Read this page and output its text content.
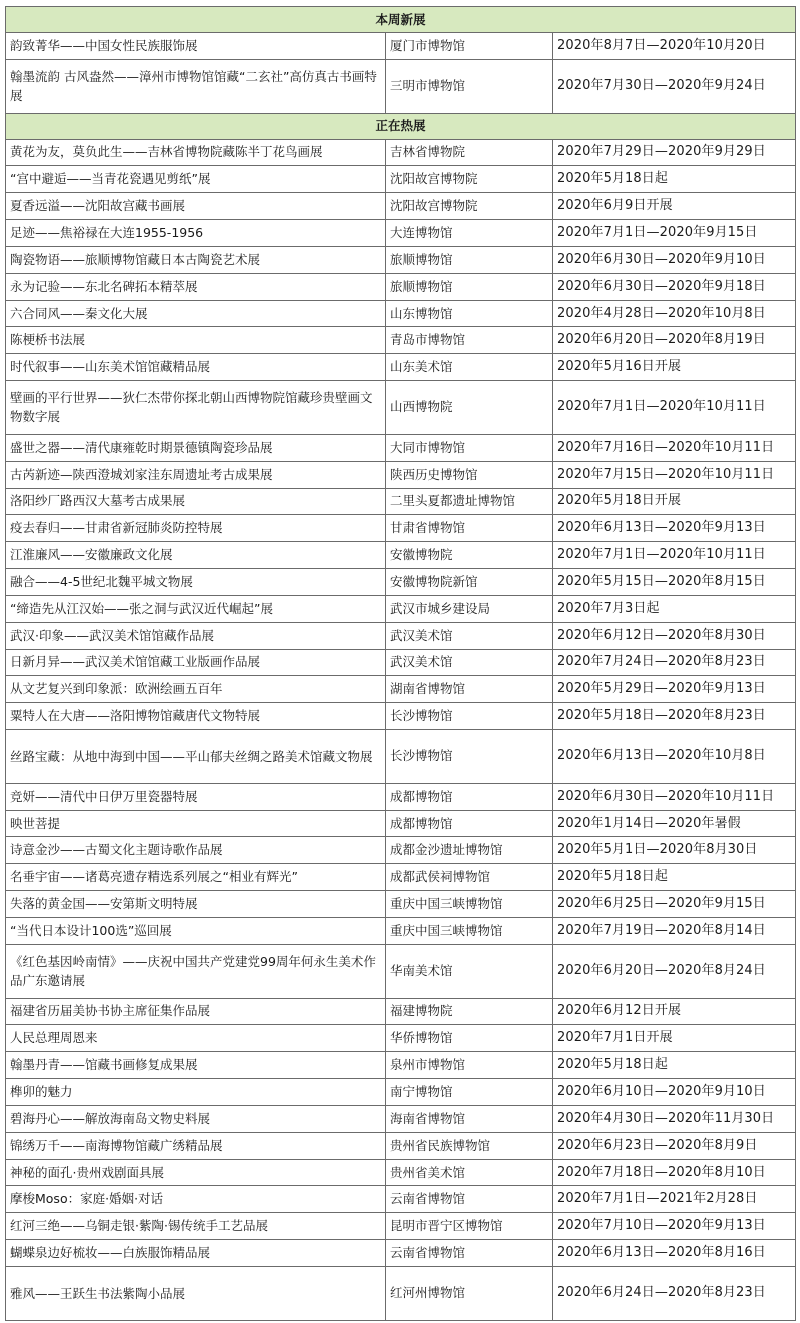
本周新展		
韵致菁华——中国女性民族服饰展	厦门市博物馆	2020年8月7日—2020年10月20日
翰墨流韵 古风盎然——漳州市博物馆馆藏“二玄社”高仿真古书画特展	三明市博物馆	2020年7月30日—2020年9月24日
正在热展		
黄花为友，莫负此生——吉林省博物院藏陈半丁花鸟画展	吉林省博物院	2020年7月29日—2020年9月29日
“宫中避逅——当青花瓷遇见剪纸”展	沈阳故宫博物院	2020年5月18日起
夏香远溢——沈阳故宫藏书画展	沈阳故宫博物院	2020年6月9日开展
足迹——焦裕禄在大连1955-1956	大连博物馆	2020年7月1日—2020年9月15日
陶瓷物语——旅顺博物馆藏日本古陶瓷艺术展	旅顺博物馆	2020年6月30日—2020年9月10日
永为记验——东北名碑拓本精萃展	旅顺博物馆	2020年6月30日—2020年9月18日
六合同风——秦文化大展	山东博物馆	2020年4月28日—2020年10月8日
陈梗桥书法展	青岛市博物馆	2020年6月20日—2020年8月19日
时代叙事——山东美术馆馆藏精品展	山东美术馆	2020年5月16日开展
壁画的平行世界——狄仁杰带你探北朝山西博物院馆藏珍贵壁画文物数字展	山西博物院	2020年7月1日—2020年10月11日
盛世之器——清代康雍乾时期景德镇陶瓷珍品展	大同市博物馆	2020年7月16日—2020年10月11日
古芮新迹—陕西澄城刘家洼东周遗址考古成果展	陕西历史博物馆	2020年7月15日—2020年10月11日
洛阳纱厂路西汉大墓考古成果展	二里头夏都遗址博物馆	2020年5月18日开展
疫去春归——甘肃省新冠肺炎防控特展	甘肃省博物馆	2020年6月13日—2020年9月13日
江淮廉风——安徽廉政文化展	安徽博物院	2020年7月1日—2020年10月11日
融合——4-5世纪北魏平城文物展	安徽博物院新馆	2020年5月15日—2020年8月15日
“缔造先从江汉始——张之洞与武汉近代崛起”展	武汉市城乡建设局	2020年7月3日起
武汉·印象——武汉美术馆馆藏作品展	武汉美术馆	2020年6月12日—2020年8月30日
日新月异——武汉美术馆馆藏工业版画作品展	武汉美术馆	2020年7月24日—2020年8月23日
从文艺复兴到印象派：欧洲绘画五百年	湖南省博物馆	2020年5月29日—2020年9月13日
粟特人在大唐——洛阳博物馆藏唐代文物特展	长沙博物馆	2020年5月18日—2020年8月23日
丝路宝藏：从地中海到中国——平山郁夫丝绸之路美术馆藏文物展	长沙博物馆	2020年6月13日—2020年10月8日
竞妍——清代中日伊万里瓷器特展	成都博物馆	2020年6月30日—2020年10月11日
映世菩提	成都博物馆	2020年1月14日—2020年暑假
诗意金沙——古蜀文化主题诗歌作品展	成都金沙遗址博物馆	2020年5月1日—2020年8月30日
名垂宇宙——诸葛亮遗存精选系列展之“相业有辉光”	成都武侯祠博物馆	2020年5月18日起
失落的黄金国——安第斯文明特展	重庆中国三峡博物馆	2020年6月25日—2020年9月15日
“当代日本设计100选”巡回展	重庆中国三峡博物馆	2020年7月19日—2020年8月14日
《红色基因岭南情》——庆祝中国共产党建党99周年何永生美术作品广东邀请展	华南美术馆	2020年6月20日—2020年8月24日
福建省历届美协书协主席征集作品展	福建博物院	2020年6月12日开展
人民总理周恩来	华侨博物馆	2020年7月1日开展
翰墨丹青——馆藏书画修复成果展	泉州市博物馆	2020年5月18日起
榫卯的魅力	南宁博物馆	2020年6月10日—2020年9月10日
碧海丹心——解放海南岛文物史料展	海南省博物馆	2020年4月30日—2020年11月30日
锦绣万千——南海博物馆藏广绣精品展	贵州省民族博物馆	2020年6月23日—2020年8月9日
神秘的面孔·贵州戏剧面具展	贵州省美术馆	2020年7月18日—2020年8月10日
摩梭Moso：家庭·婚姻·对话	云南省博物馆	2020年7月1日—2021年2月28日
红河三绝——乌铜走银·紫陶·锡传统手工艺品展	昆明市晋宁区博物馆	2020年7月10日—2020年9月13日
蝴蝶泉边好梳妆——白族服饰精品展	云南省博物馆	2020年6月13日—2020年8月16日
雅风——王跃生书法紫陶小品展	红河州博物馆	2020年6月24日—2020年8月23日
